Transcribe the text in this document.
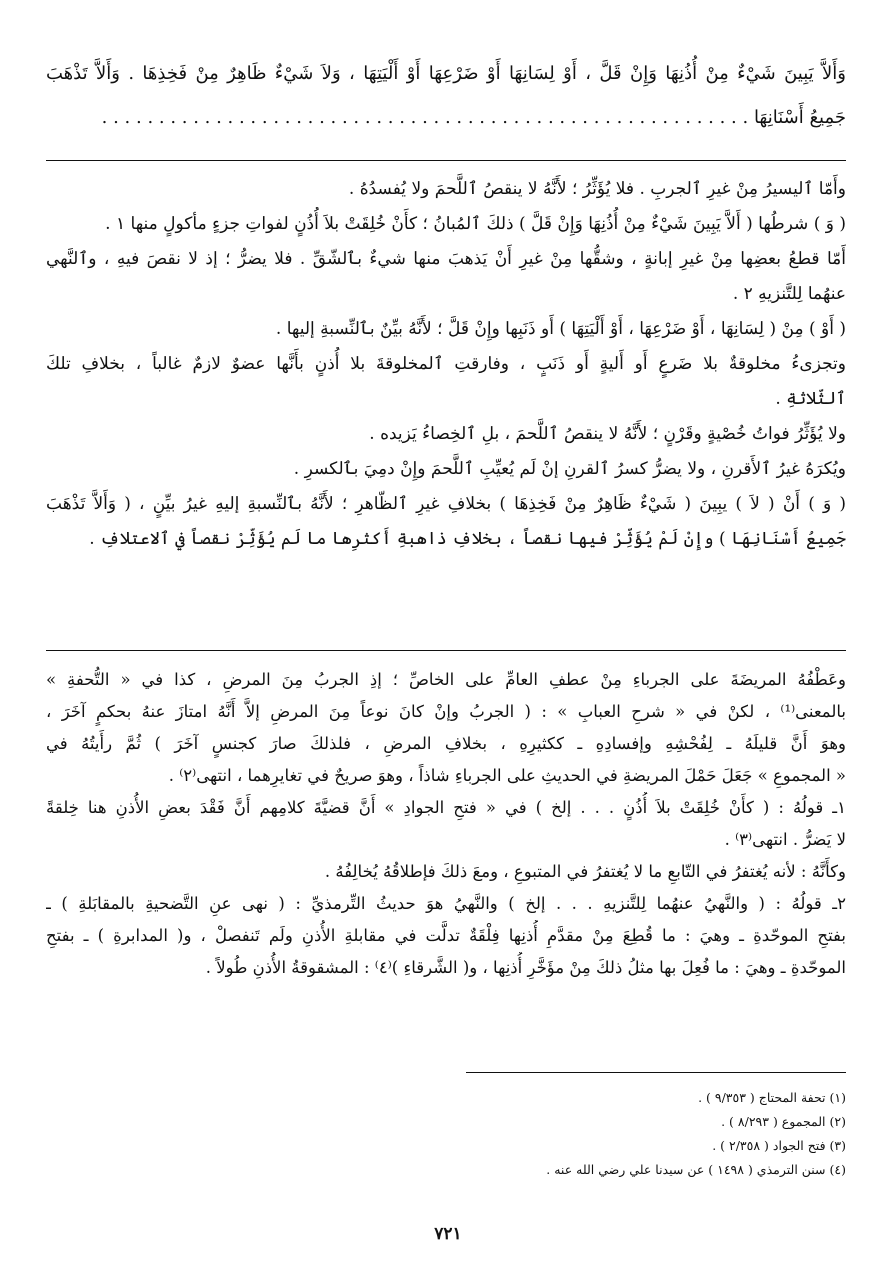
وَأَلاَّ يَبِينَ شَيْءٌ مِنْ أُذُنِهَا وَإِنْ قَلَّ ، أَوْ لِسَانِهَا أَوْ ضَرْعِهَا أَوْ أَلْيَتِهَا ، وَلاَ شَيْءٌ ظَاهِرٌ مِنْ فَخِذِهَا . وَأَلاَّ تَذْهَبَ
جَمِيعُ أَسْنَانِهَا . . . . . . . . . . . . . . . . . . . . . . . . . . . . . . . . . . . . . . . . . . . . . . . . . . . . . . . . .
وأَمّا ٱليسيرُ مِنْ غيرِ ٱلجربِ . فلا يُؤَثِّرُ ؛ لأَنَّهُ لا ينقصُ ٱللَّحمَ ولا يُفسدُهُ .
( وَ ) شرطُها ( أَلاَّ يَبِينَ شَيْءٌ مِنْ أُذُنِهَا وَإِنْ قَلَّ ) ذلكَ ٱلمُبانُ ؛ كأَنْ خُلِقَتْ بلاَ أُذُنٍ لفواتِ جزءٍ مأكولٍ منها ١ .
أَمّا قطعُ بعضِها مِنْ غيرِ إبانةٍ ، وشقُّها مِنْ غيرِ أَنْ يَذهبَ منها شيءٌ بٱلشّقِّ . فلا يضرُّ ؛ إذ لا نقصَ فيهِ ، وٱلنَّهي
عنهُما لِلتَّنزيهِ ٢ .
( أَوْ ) مِنْ ( لِسَانِهَا ، أَوْ ضَرْعِهَا ، أَوْ أَلْيَتِهَا ) أَو ذَنَبِها وإِنْ قَلَّ ؛ لأَنَّهُ بيِّنٌ بٱلنِّسبةِ إليها .
وتجزىءُ مخلوقةٌ بلا ضَرعٍ أَو أَليةٍ أَو ذَنَبٍ ، وفارقتِ ٱلمخلوقةَ بلا أُذنٍ بأَنَّها عضوٌ لازمٌ غالباً ، بخلافِ تلكَ
ٱلثّلاثةِ .
ولا يُؤَثِّرُ فواتُ خُصْيةٍ وقَرْنٍ ؛ لأَنَّهُ لا ينقصُ ٱللَّحمَ ، بلِ ٱلخِصاءُ يَزيده .
ويُكرَهُ غيرُ ٱلأَقرنِ ، ولا يضرُّ كسرُ ٱلقرنِ إنْ لَم يُعيِّبِ ٱللَّحمَ وإِنْ دمِيَ بٱلكسرِ .
( وَ ) أَنْ ( لاَ ) يبِينَ ( شَيْءٌ ظَاهِرٌ مِنْ فَخِذِهَا ) بخلافِ غيرِ ٱلظّاهرِ ؛ لأَنَّهُ بٱلنِّسبةِ إليهِ غيرُ بيِّنٍ ، ( وَأَلاَّ تَذْهَبَ
جَمِيعُ أَسْنَانِهَا ) وإِنْ لَمْ يُؤَثِّرْ فيها نقصاً ، بخلافِ ذاهبةِ أَكثرِها ما لَم يُؤَثِّرْ نقصاً في ٱلاعتلافِ .
وعَطْفُهُ المريضَةَ على الجرباءِ مِنْ عطفِ العامِّ على الخاصِّ ؛ إذِ الجربُ مِنَ المرضِ ، كذا في « التُّحفةِ »
بالمعنى⁽¹⁾ ، لكنْ في « شرحِ العبابِ » : ( الجربُ وإنْ كانَ نوعاً مِنَ المرضِ إلاَّ أَنَّهُ امتازَ عنهُ بحكمٍ آخَرَ ،
وهوَ أَنَّ قليلَهُ ـ لِفُحْشِهِ وإفسادِهِ ـ ككثيرِهِ ، بخلافِ المرضِ ، فلذلكَ صارَ كجنسٍ آخَرَ ) ثُمَّ رأَيتُهُ في
« المجموعِ » جَعَلَ حَمْلَ المريضةِ في الحديثِ على الجرباءِ شاذاً ، وهوَ صريحٌ في تغايرِهما ، انتهى⁽٢⁾ .
١ـ قولُهُ : ( كأَنْ خُلِقَتْ بلاَ أُذُنٍ . . . إلخ ) في « فتحِ الجوادِ » أَنَّ قضيَّةَ كلامِهم أَنَّ فَقْدَ بعضِ الأُذنِ هنا خِلقةً
لا يَضرُّ . انتهى⁽٣⁾ .
وكأَنَّهُ : لأنه يُغتفرُ في التّابعِ ما لا يُغتفرُ في المتبوعِ ، ومعَ ذلكَ فإطلاقُهُ يُخالِفُهُ .
٢ـ قولُهُ : ( والنَّهيُ عنهُما لِلتَّنزيهِ . . . إلخ ) والنَّهيُ هوَ حديثُ التِّرمذيِّ : ( نهى عنِ التَّضحيةِ بالمقابَلةِ ) ـ
بفتحِ الموحّدةِ ـ وهيَ : ما قُطِعَ مِنْ مقدَّمِ أُذنِها فِلْقَةٌ تدلَّت في مقابلةِ الأُذنِ ولَم تَنفصلْ ، و( المدابرةِ ) ـ بفتحِ
الموحّدةِ ـ وهيَ : ما فُعِلَ بها مثلُ ذلكَ مِنْ مؤَخَّرِ أُذنِها ، و( الشَّرقاءِ )⁽٤⁾ : المشقوقةُ الأُذنِ طُولاً .
(١) تحفة المحتاج ( ٩/٣٥٣ ) .
(٢) المجموع ( ٨/٢٩٣ ) .
(٣) فتح الجواد ( ٢/٣٥٨ ) .
(٤) سنن الترمذي ( ١٤٩٨ ) عن سيدنا علي رضي الله عنه .
٧٢١
